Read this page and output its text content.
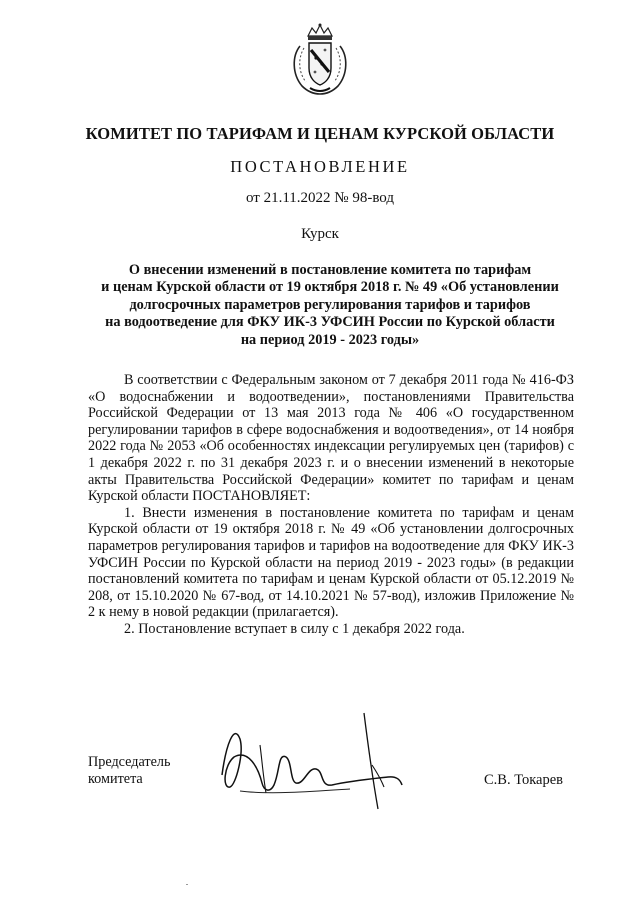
КОМИТЕТ ПО ТАРИФАМ И ЦЕНАМ КУРСКОЙ ОБЛАСТИ
ПОСТАНОВЛЕНИЕ
от 21.11.2022 № 98-вод
Курск
О внесении изменений в постановление комитета по тарифам
и ценам Курской области от 19 октября 2018 г. № 49 «Об установлении
долгосрочных параметров регулирования тарифов и тарифов
на водоотведение для ФКУ ИК-3 УФСИН России по Курской области
на период 2019 - 2023 годы»

В соответствии с Федеральным законом от 7 декабря 2011 года № 416-ФЗ «О водоснабжении и водоотведении», постановлениями Правительства Российской Федерации от 13 мая 2013 года № 406 «О государственном регулировании тарифов в сфере водоснабжения и водоотведения», от 14 ноября 2022 года № 2053 «Об особенностях индексации регулируемых цен (тарифов) с 1 декабря 2022 г. по 31 декабря 2023 г. и о внесении изменений в некоторые акты Правительства Российской Федерации» комитет по тарифам и ценам Курской области ПОСТАНОВЛЯЕТ:

1. Внести изменения в постановление комитета по тарифам и ценам Курской области от 19 октября 2018 г. № 49 «Об установлении долгосрочных параметров регулирования тарифов и тарифов на водоотведение для ФКУ ИК-3 УФСИН России по Курской области на период 2019 - 2023 годы» (в редакции постановлений комитета по тарифам и ценам Курской области от 05.12.2019 № 208, от 15.10.2020 № 67-вод, от 14.10.2021 № 57-вод), изложив Приложение № 2 к нему в новой редакции (прилагается).

2. Постановление вступает в силу с 1 декабря 2022 года.

Председатель
комитета	С.В. Токарев
